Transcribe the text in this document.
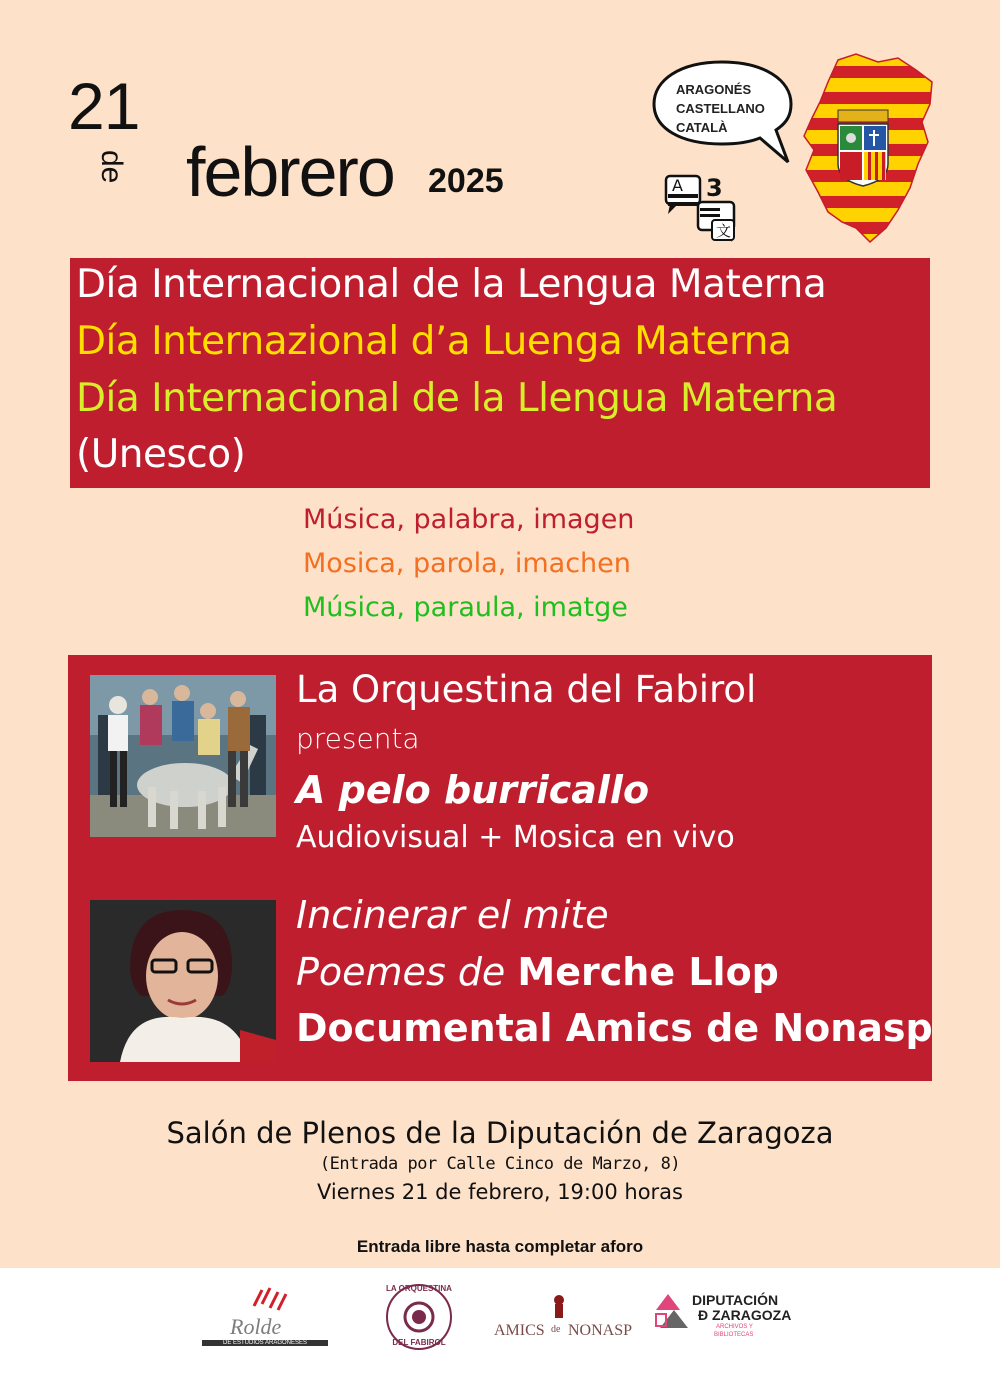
21
de febrero 2025
ARAGONÉS
CASTELLANO
CATALÀ
A 3
文
Día Internacional de la Lengua Materna
Día Internazional d’a Luenga Materna
Día Internacional de la Llengua Materna
(Unesco)
Música, palabra, imagen
Mosica, parola, imachen
Música, paraula, imatge
La Orquestina del Fabirol
presenta
A pelo burricallo
Audiovisual + Mosica en vivo
Incinerar el mite
Poemes de Merche Llop
Documental Amics de Nonasp
Salón de Plenos de la Diputación de Zaragoza
(Entrada por Calle Cinco de Marzo, 8)
Viernes 21 de febrero, 19:00 horas
Entrada libre hasta completar aforo
Rolde
DE ESTUDIOS ARAGONESES
LA ORQUESTINA
DEL FABIROL
AMICS de NONASP
DIPUTACIÓN
Ð ZARAGOZA
ARCHIVOS Y
BIBLIOTECAS
